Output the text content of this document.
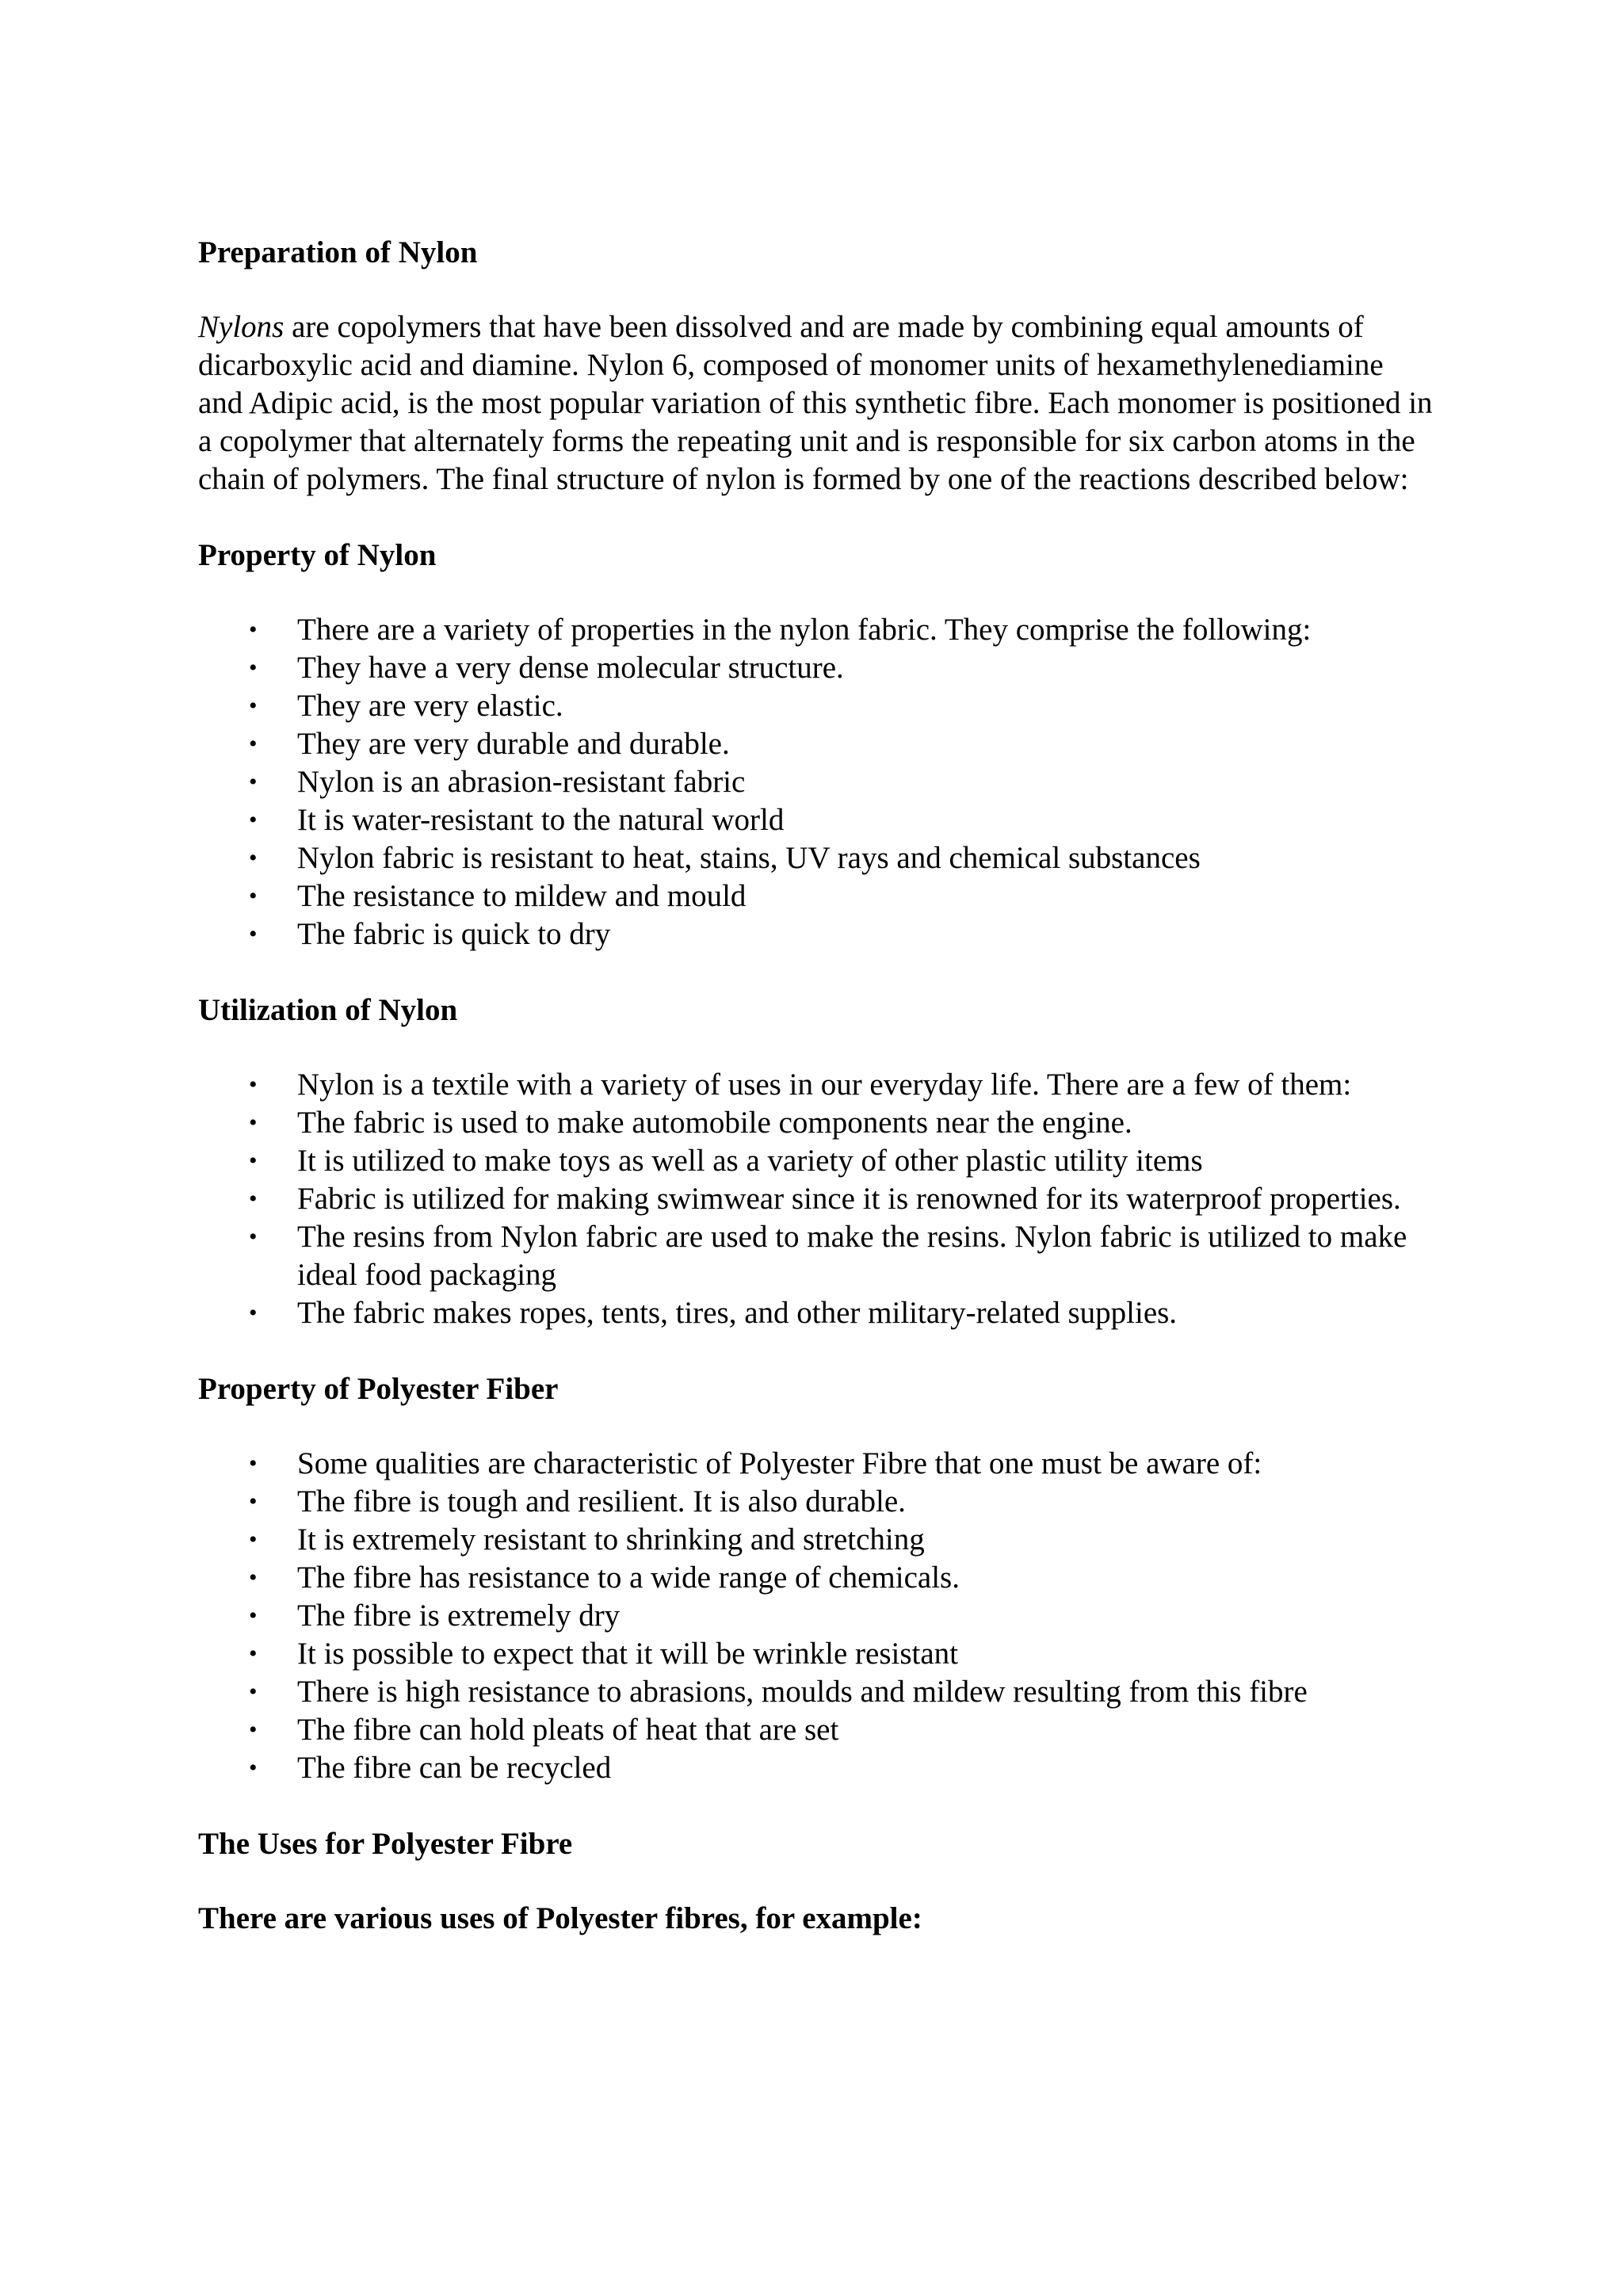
Preparation of Nylon

Nylons are copolymers that have been dissolved and are made by combining equal amounts of dicarboxylic acid and diamine. Nylon 6, composed of monomer units of hexamethylenediamine and Adipic acid, is the most popular variation of this synthetic fibre. Each monomer is positioned in a copolymer that alternately forms the repeating unit and is responsible for six carbon atoms in the chain of polymers. The final structure of nylon is formed by one of the reactions described below:

Property of Nylon
• There are a variety of properties in the nylon fabric. They comprise the following:
• They have a very dense molecular structure.
• They are very elastic.
• They are very durable and durable.
• Nylon is an abrasion-resistant fabric
• It is water-resistant to the natural world
• Nylon fabric is resistant to heat, stains, UV rays and chemical substances
• The resistance to mildew and mould
• The fabric is quick to dry
Utilization of Nylon
• Nylon is a textile with a variety of uses in our everyday life. There are a few of them:
• The fabric is used to make automobile components near the engine.
• It is utilized to make toys as well as a variety of other plastic utility items
• Fabric is utilized for making swimwear since it is renowned for its waterproof properties.
• The resins from Nylon fabric are used to make the resins. Nylon fabric is utilized to make ideal food packaging
• The fabric makes ropes, tents, tires, and other military-related supplies.
Property of Polyester Fiber
• Some qualities are characteristic of Polyester Fibre that one must be aware of:
• The fibre is tough and resilient. It is also durable.
• It is extremely resistant to shrinking and stretching
• The fibre has resistance to a wide range of chemicals.
• The fibre is extremely dry
• It is possible to expect that it will be wrinkle resistant
• There is high resistance to abrasions, moulds and mildew resulting from this fibre
• The fibre can hold pleats of heat that are set
• The fibre can be recycled
The Uses for Polyester Fibre
There are various uses of Polyester fibres, for example:
